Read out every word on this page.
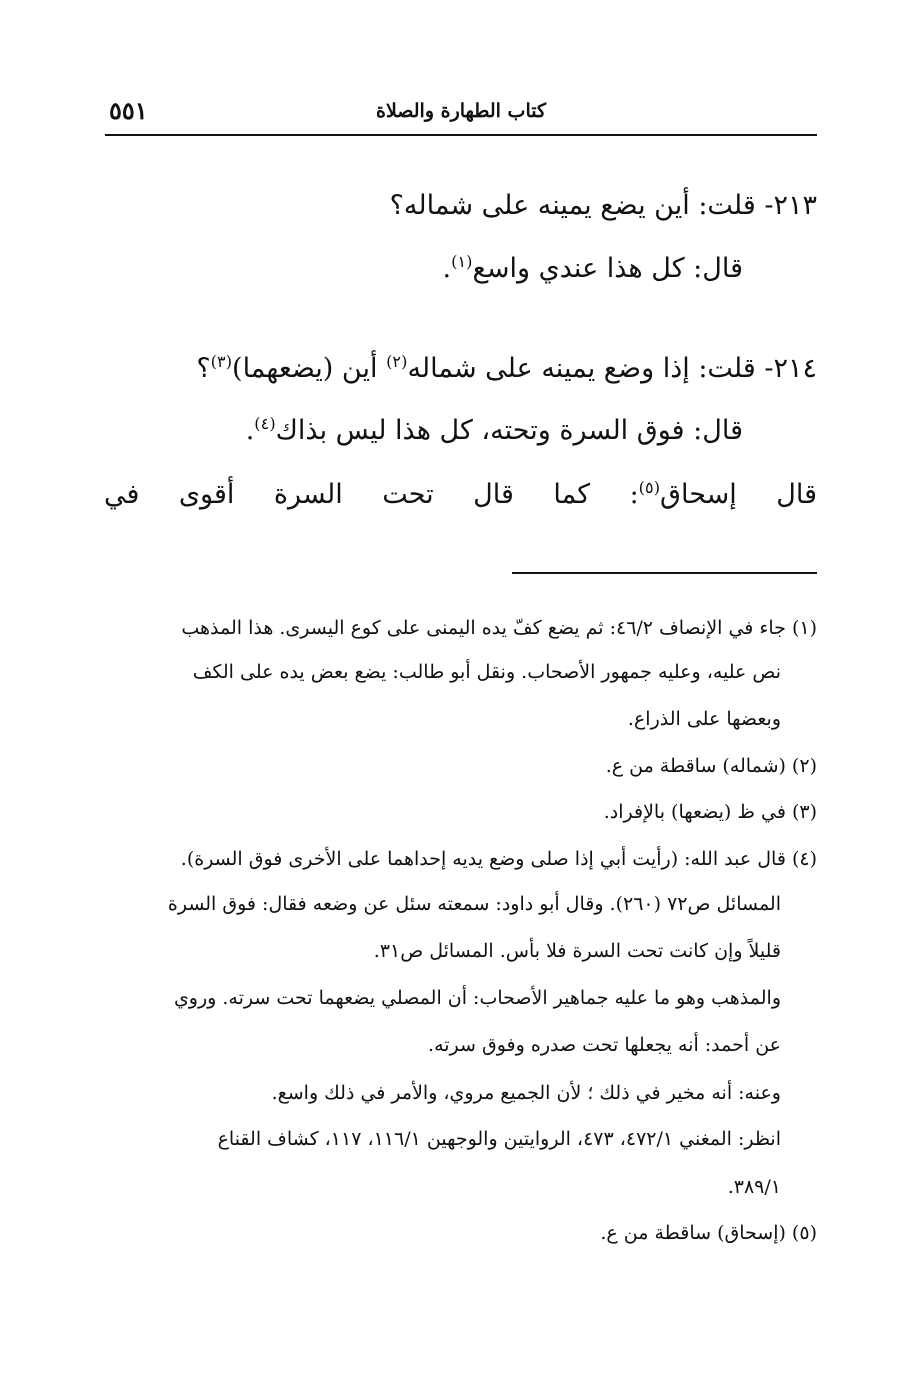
٥٥١	كتاب الطهارة والصلاة
٢١٣- قلت: أين يضع يمينه على شماله؟
قال: كل هذا عندي واسع$^{(١)}$.
٢١٤- قلت: إذا وضع يمينه على شماله$^{(٢)}$ أين (يضعهما)$^{(٣)}$؟
قال: فوق السرة وتحته، كل هذا ليس بذاك$^{(٤)}$.
قال إسحاق$^{(٥)}$: كما قال تحت السرة أقوى في
(١) جاء في الإنصاف ٤٦/٢: ثم يضع كفّ يده اليمنى على كوع اليسرى. هذا المذهب
نص عليه، وعليه جمهور الأصحاب. ونقل أبو طالب: يضع بعض يده على الكف
وبعضها على الذراع.
(٢) (شماله) ساقطة من ع.
(٣) في ظ (يضعها) بالإفراد.
(٤) قال عبد الله: (رأيت أبي إذا صلى وضع يديه إحداهما على الأخرى فوق السرة).
المسائل ص٧٢ (٢٦٠). وقال أبو داود: سمعته سئل عن وضعه فقال: فوق السرة
قليلاً وإن كانت تحت السرة فلا بأس. المسائل ص٣١.
والمذهب وهو ما عليه جماهير الأصحاب: أن المصلي يضعهما تحت سرته. وروي
عن أحمد: أنه يجعلها تحت صدره وفوق سرته.
وعنه: أنه مخير في ذلك ؛ لأن الجميع مروي، والأمر في ذلك واسع.
انظر: المغني ٤٧٢/١، ٤٧٣، الروايتين والوجهين ١١٦/١، ١١٧، كشاف القناع
٣٨٩/١.
(٥) (إسحاق) ساقطة من ع.
